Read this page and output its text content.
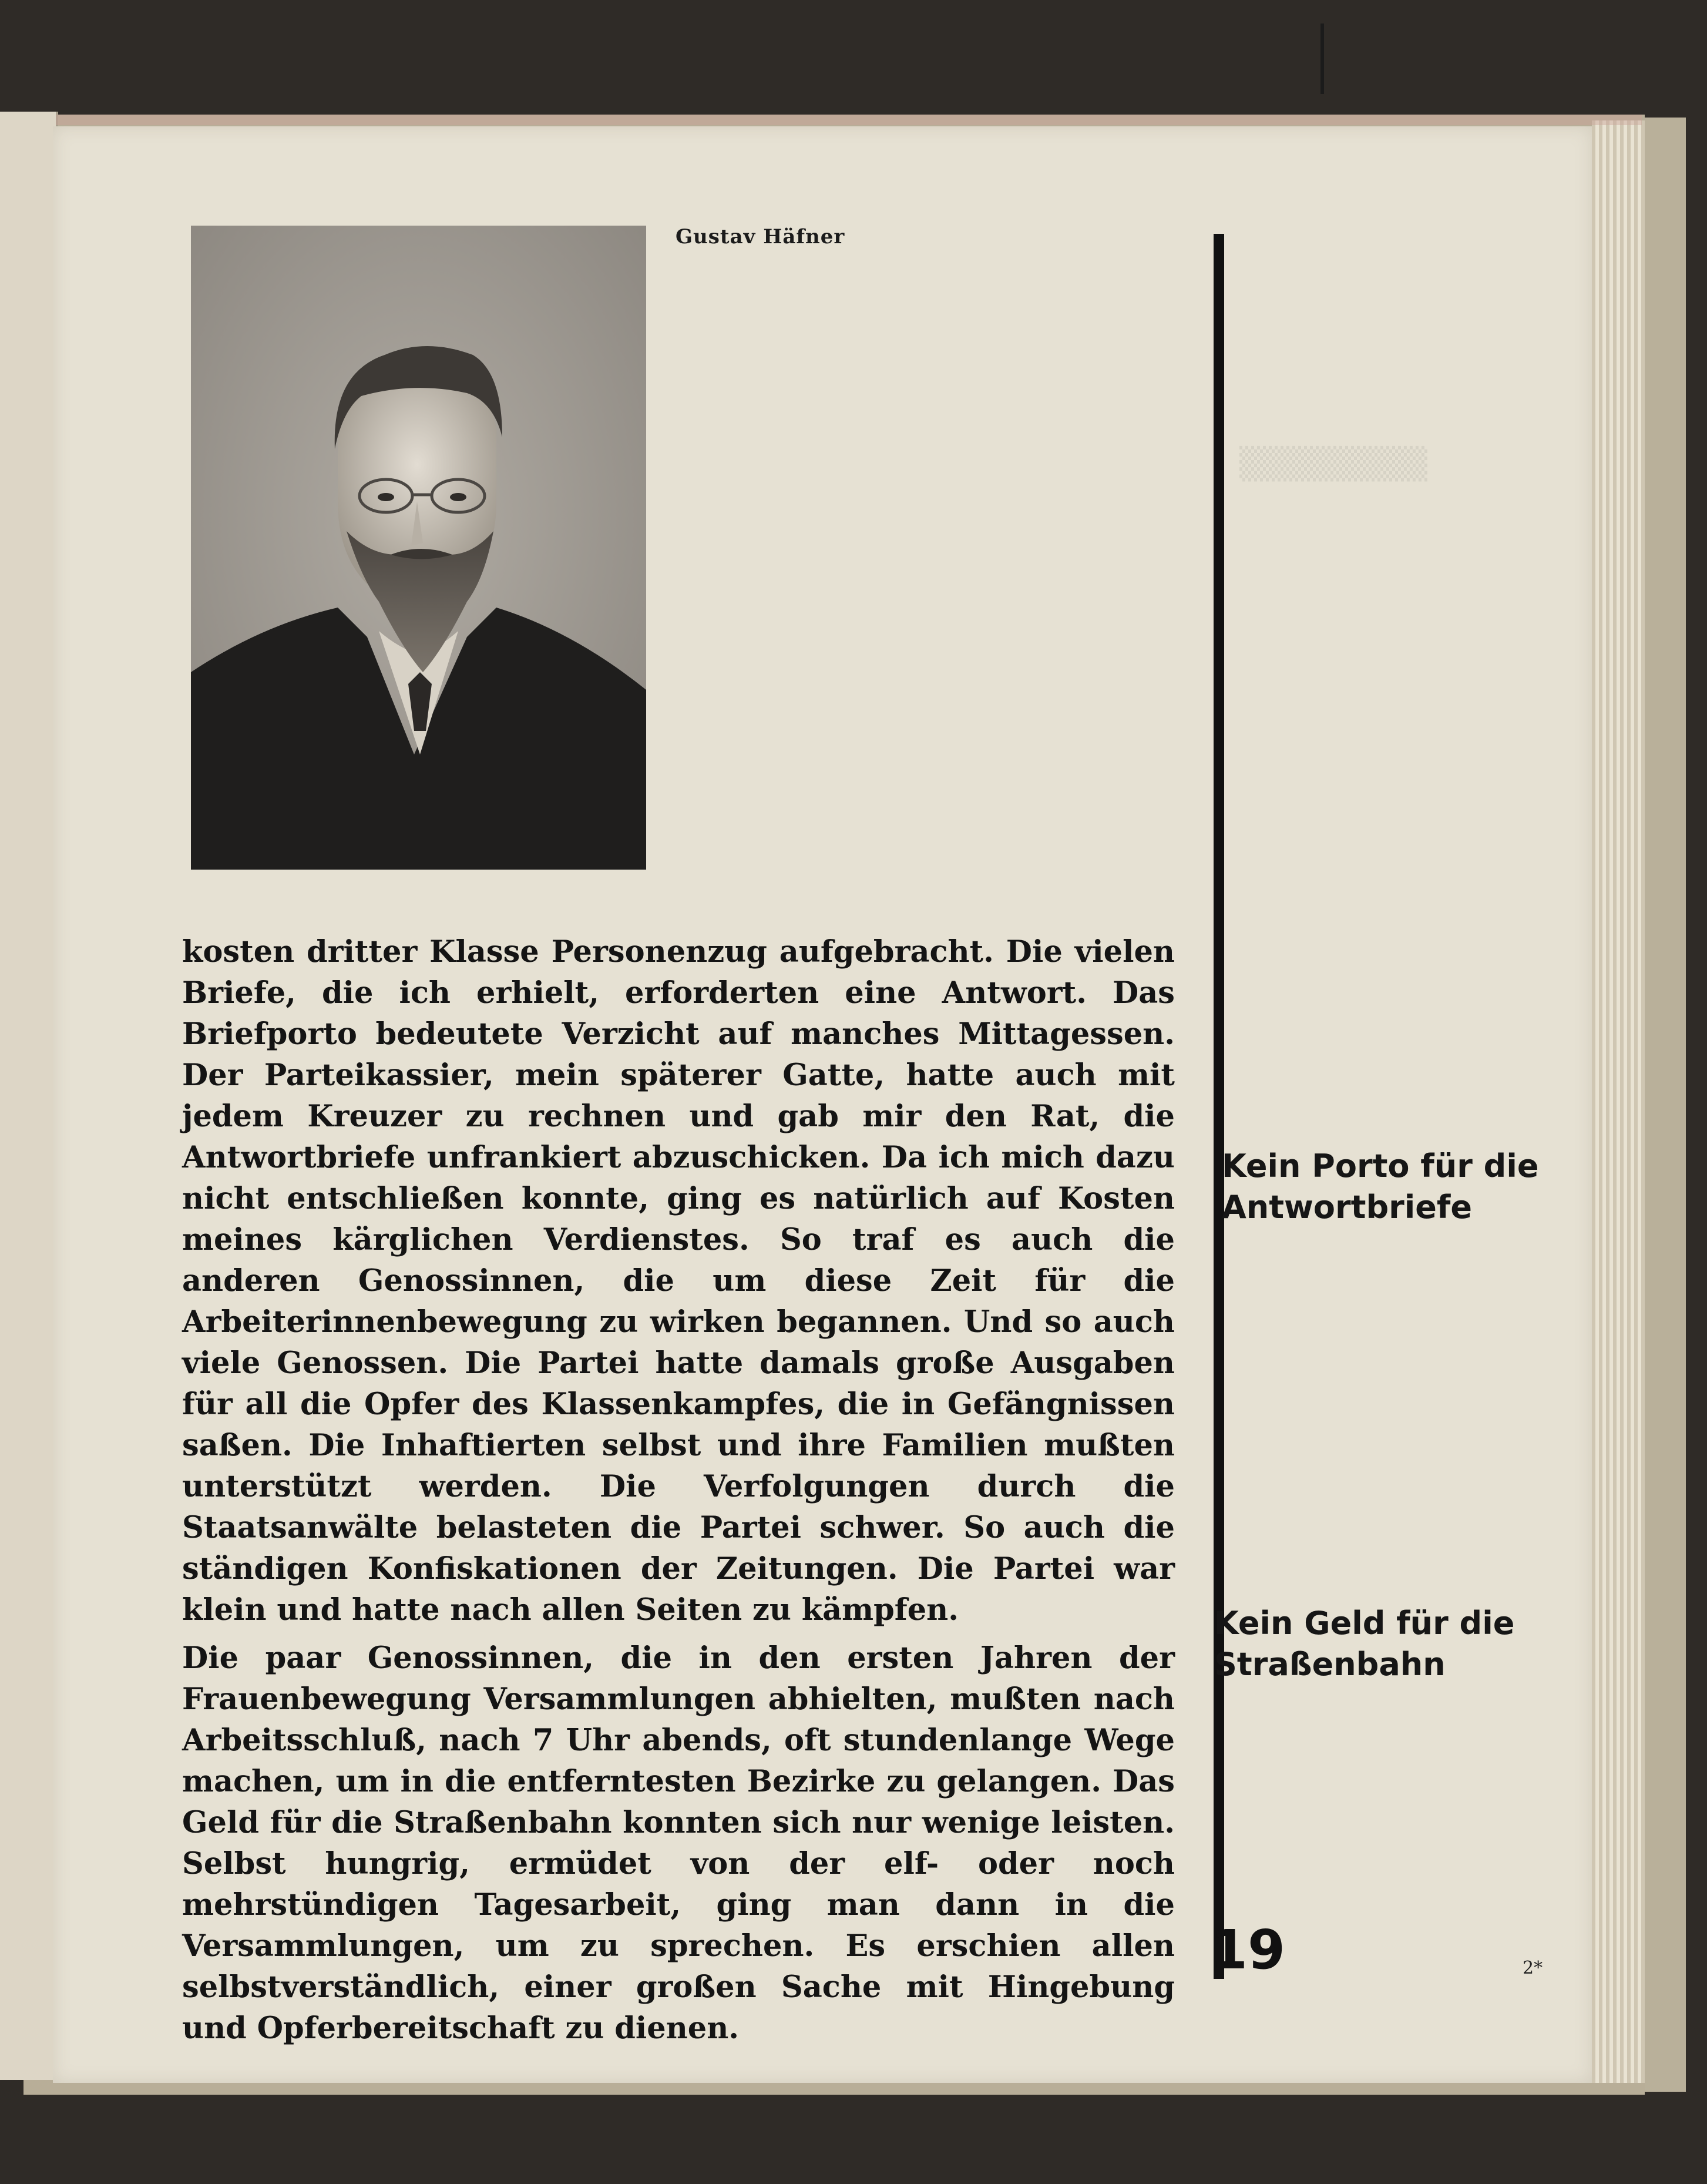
▒▒▒▒▒▒▒▒
Gustav Häfner

kosten dritter Klasse Personenzug aufgebracht. Die vielen Briefe, die ich erhielt, erforderten eine Antwort. Das Briefporto bedeutete Verzicht auf manches Mittagessen. Der Parteikassier, mein späterer Gatte, hatte auch mit jedem Kreuzer zu rechnen und gab mir den Rat, die Antwortbriefe unfrankiert abzuschicken. Da ich mich dazu nicht entschließen konnte, ging es natürlich auf Kosten meines kärglichen Verdienstes. So traf es auch die anderen Genossinnen, die um diese Zeit für die Arbeiterinnenbewegung zu wirken begannen. Und so auch viele Genossen. Die Partei hatte damals große Ausgaben für all die Opfer des Klassenkampfes, die in Gefängnissen saßen. Die Inhaftierten selbst und ihre Familien mußten unterstützt werden. Die Verfolgungen durch die Staatsanwälte belasteten die Partei schwer. So auch die ständigen Konfiskationen der Zeitungen. Die Partei war klein und hatte nach allen Seiten zu kämpfen.

Die paar Genossinnen, die in den ersten Jahren der Frauenbewegung Versammlungen abhielten, mußten nach Arbeitsschluß, nach 7 Uhr abends, oft stundenlange Wege machen, um in die entferntesten Bezirke zu gelangen. Das Geld für die Straßenbahn konnten sich nur wenige leisten. Selbst hungrig, ermüdet von der elf- oder noch mehrstündigen Tagesarbeit, ging man dann in die Versammlungen, um zu sprechen. Es erschien allen selbstverständlich, einer großen Sache mit Hingebung und Opferbereitschaft zu dienen.

Kein Porto für die Antwortbriefe
Kein Geld für die Straßenbahn
19	2*
